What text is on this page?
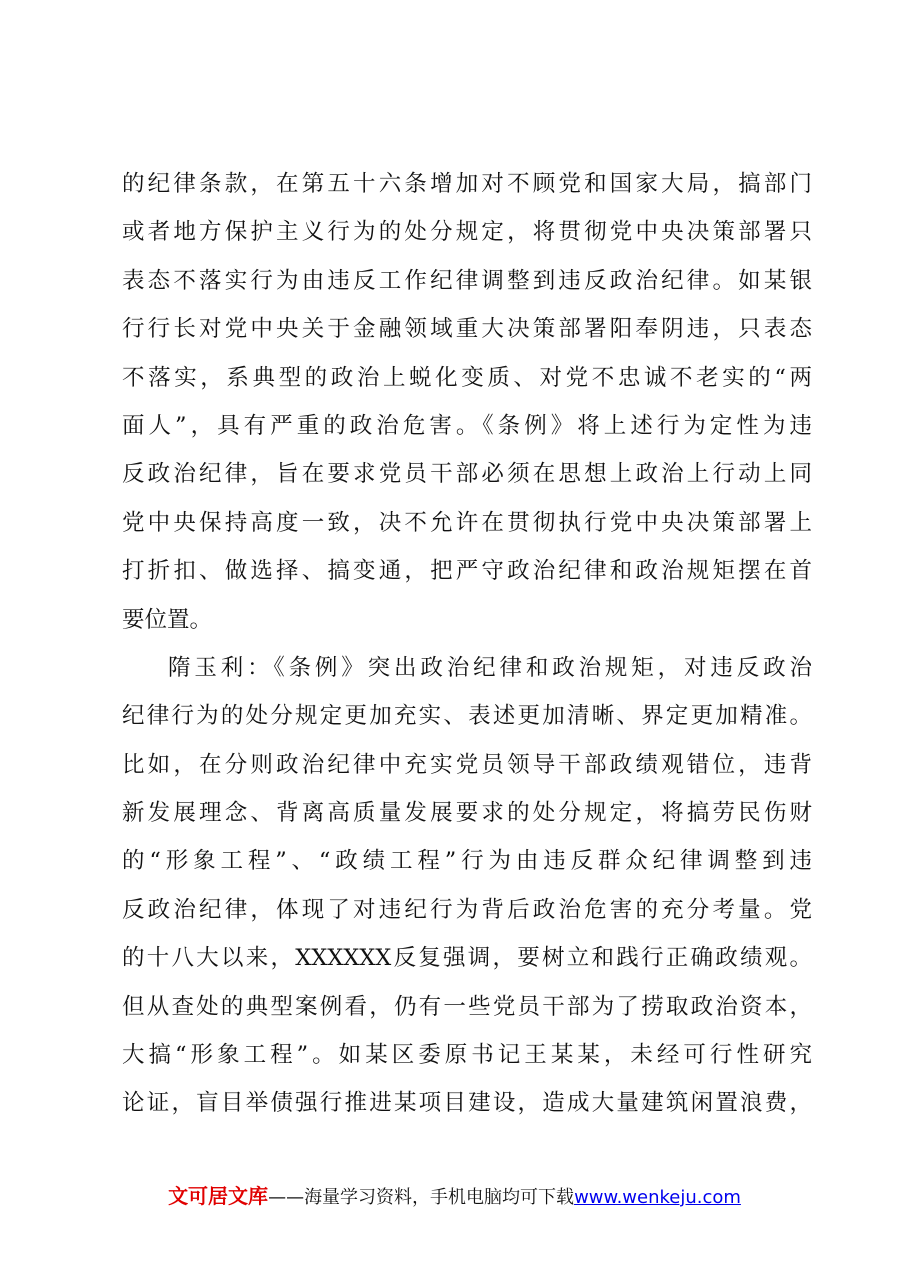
的纪律条款，在第五十六条增加对不顾党和国家大局，搞部门
或者地方保护主义行为的处分规定，将贯彻党中央决策部署只
表态不落实行为由违反工作纪律调整到违反政治纪律。如某银
行行长对党中央关于金融领域重大决策部署阳奉阴违，只表态
不落实，系典型的政治上蜕化变质、对党不忠诚不老实的“两
面人”，具有严重的政治危害。《条例》将上述行为定性为违
反政治纪律，旨在要求党员干部必须在思想上政治上行动上同
党中央保持高度一致，决不允许在贯彻执行党中央决策部署上
打折扣、做选择、搞变通，把严守政治纪律和政治规矩摆在首
要位置。
隋玉利：《条例》突出政治纪律和政治规矩，对违反政治
纪律行为的处分规定更加充实、表述更加清晰、界定更加精准。
比如，在分则政治纪律中充实党员领导干部政绩观错位，违背
新发展理念、背离高质量发展要求的处分规定，将搞劳民伤财
的“形象工程”、“政绩工程”行为由违反群众纪律调整到违
反政治纪律，体现了对违纪行为背后政治危害的充分考量。党
的十八大以来，XXXXXX反复强调，要树立和践行正确政绩观。
但从查处的典型案例看，仍有一些党员干部为了捞取政治资本，
大搞“形象工程”。如某区委原书记王某某，未经可行性研究
论证，盲目举债强行推进某项目建设，造成大量建筑闲置浪费，
文可居文库——海量学习资料，手机电脑均可下载www.wenkeju.com
